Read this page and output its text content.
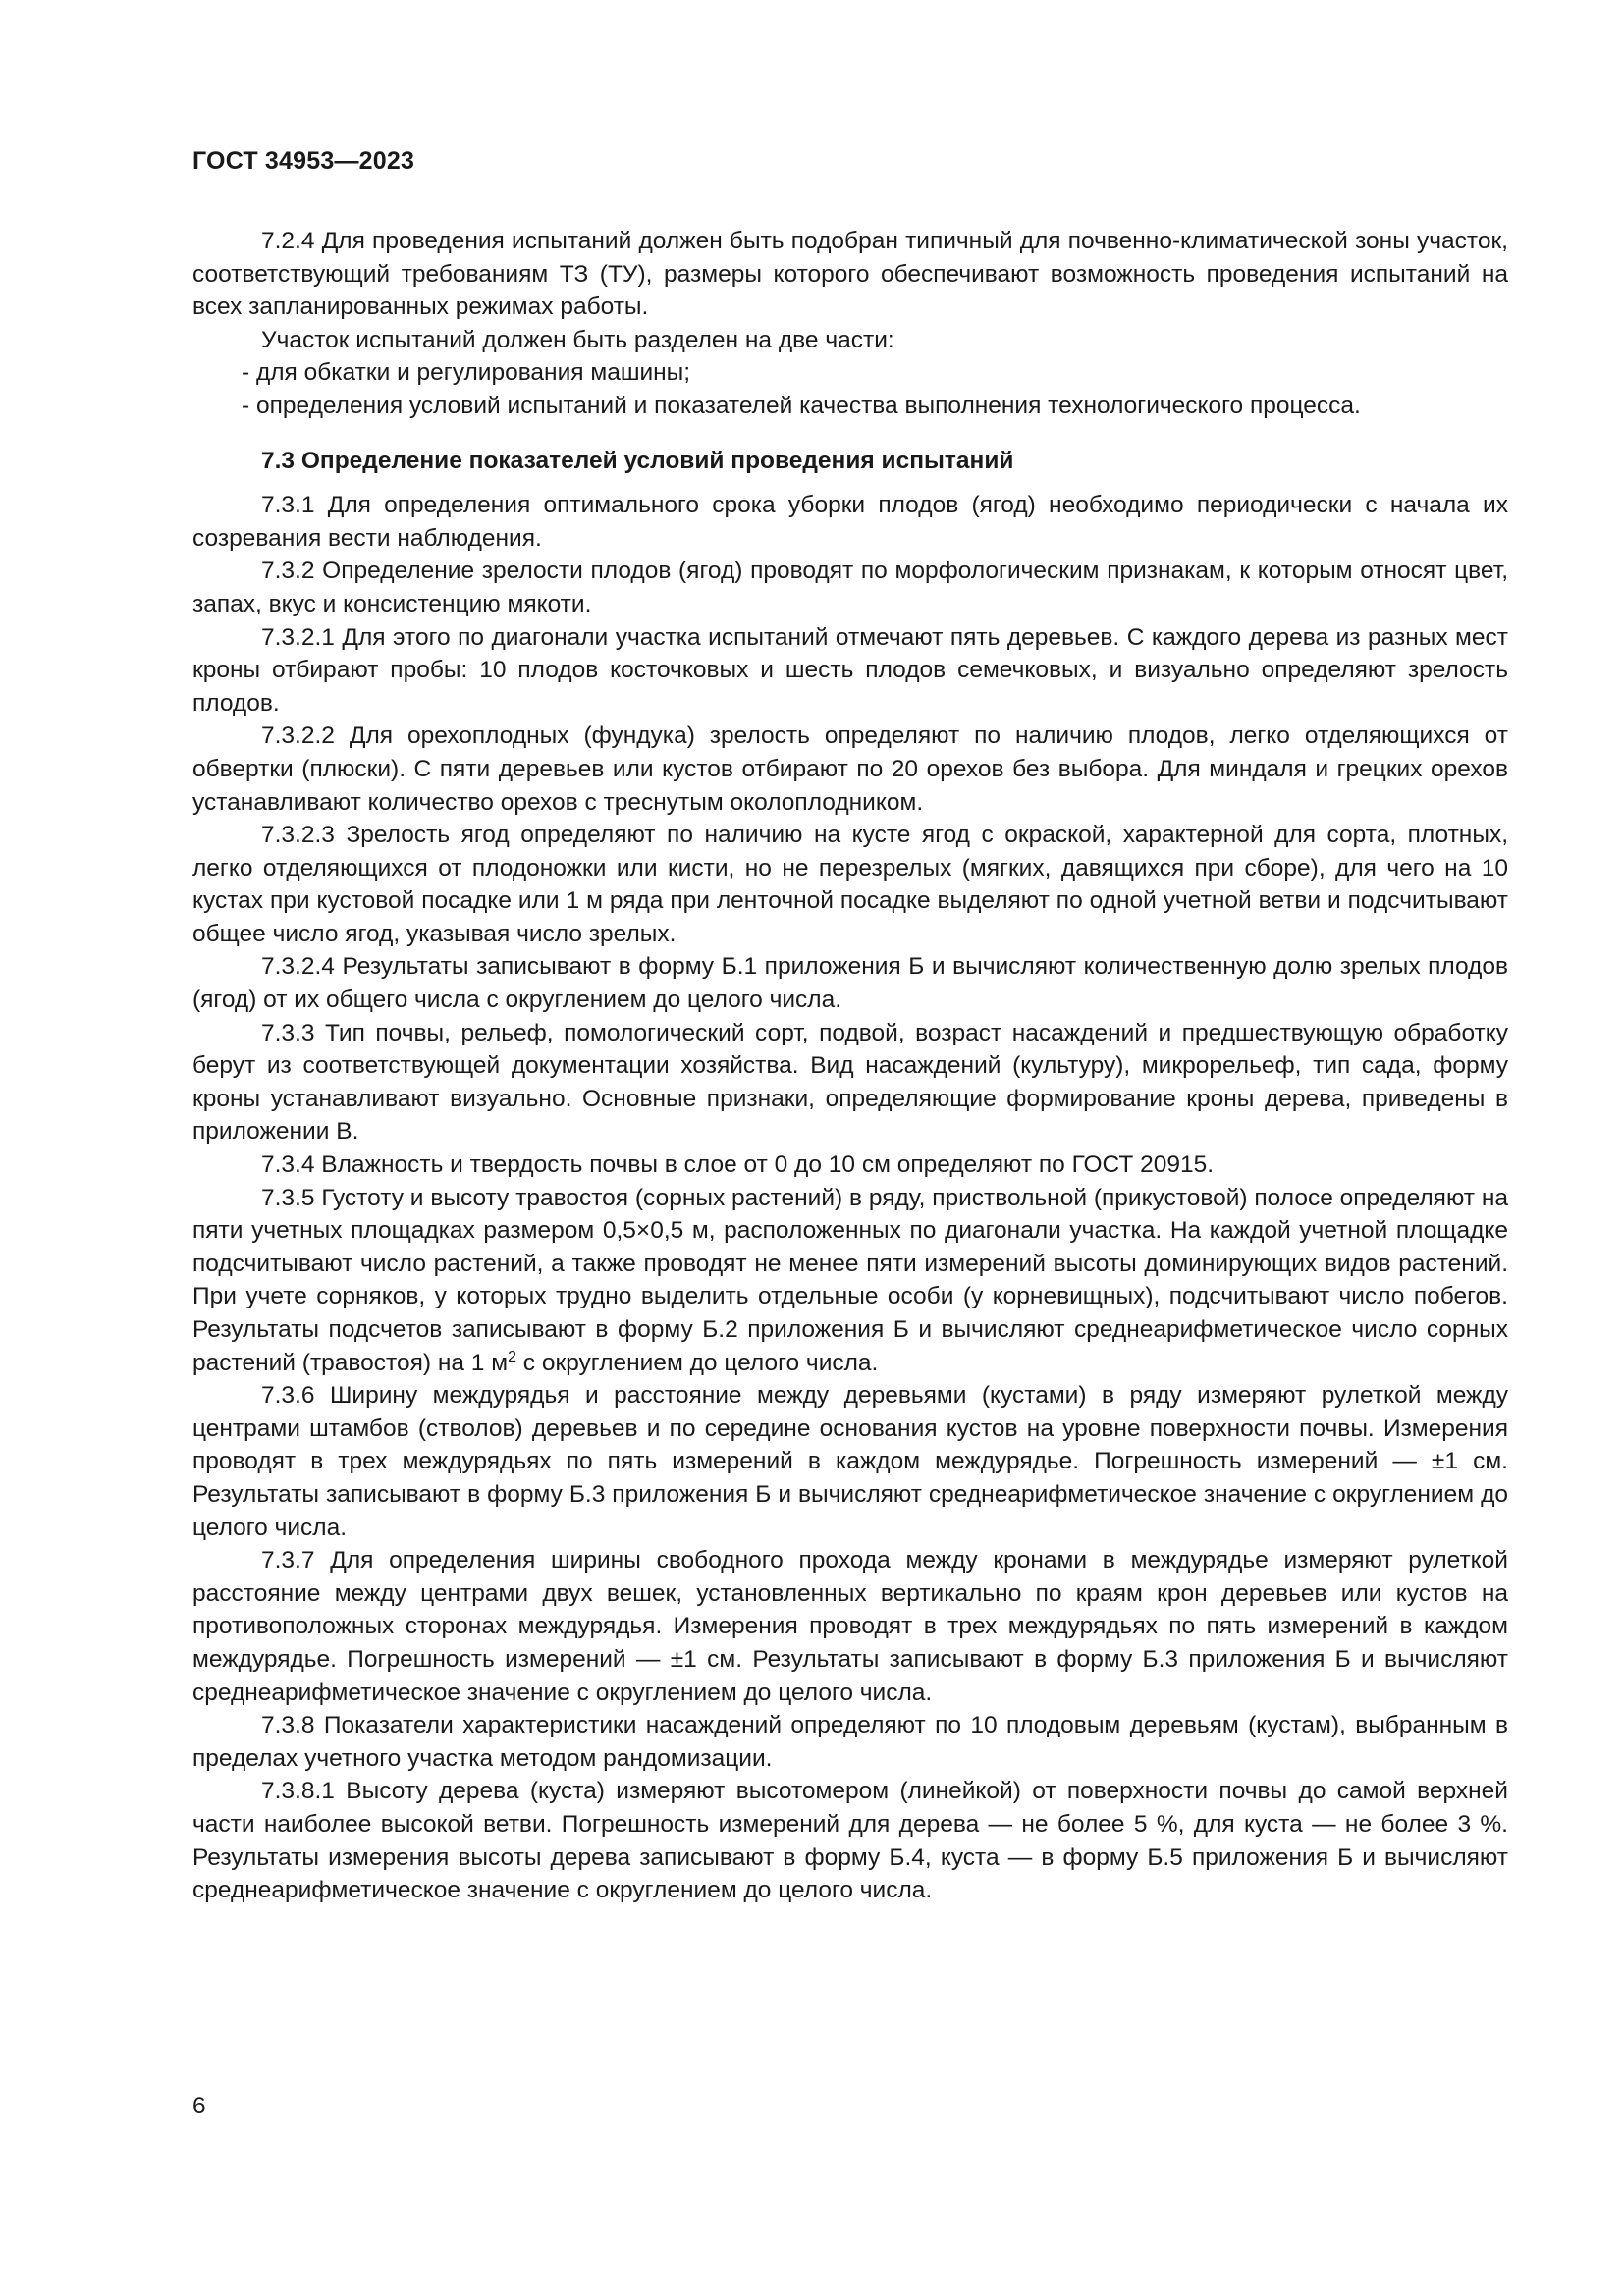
ГОСТ 34953—2023

7.2.4 Для проведения испытаний должен быть подобран типичный для почвенно-климатической зоны участок, соответствующий требованиям ТЗ (ТУ), размеры которого обеспечивают возможность проведения испытаний на всех запланированных режимах работы.

Участок испытаний должен быть разделен на две части:

- для обкатки и регулирования машины;

- определения условий испытаний и показателей качества выполнения технологического процесса.

7.3 Определение показателей условий проведения испытаний

7.3.1 Для определения оптимального срока уборки плодов (ягод) необходимо периодически с начала их созревания вести наблюдения.

7.3.2 Определение зрелости плодов (ягод) проводят по морфологическим признакам, к которым относят цвет, запах, вкус и консистенцию мякоти.

7.3.2.1 Для этого по диагонали участка испытаний отмечают пять деревьев. С каждого дерева из разных мест кроны отбирают пробы: 10 плодов косточковых и шесть плодов семечковых, и визуально определяют зрелость плодов.

7.3.2.2 Для орехоплодных (фундука) зрелость определяют по наличию плодов, легко отделяющихся от обвертки (плюски). С пяти деревьев или кустов отбирают по 20 орехов без выбора. Для миндаля и грецких орехов устанавливают количество орехов с треснутым околоплодником.

7.3.2.3 Зрелость ягод определяют по наличию на кусте ягод с окраской, характерной для сорта, плотных, легко отделяющихся от плодоножки или кисти, но не перезрелых (мягких, давящихся при сборе), для чего на 10 кустах при кустовой посадке или 1 м ряда при ленточной посадке выделяют по одной учетной ветви и подсчитывают общее число ягод, указывая число зрелых.

7.3.2.4 Результаты записывают в форму Б.1 приложения Б и вычисляют количественную долю зрелых плодов (ягод) от их общего числа с округлением до целого числа.

7.3.3 Тип почвы, рельеф, помологический сорт, подвой, возраст насаждений и предшествующую обработку берут из соответствующей документации хозяйства. Вид насаждений (культуру), микрорельеф, тип сада, форму кроны устанавливают визуально. Основные признаки, определяющие формирование кроны дерева, приведены в приложении В.

7.3.4 Влажность и твердость почвы в слое от 0 до 10 см определяют по ГОСТ 20915.

7.3.5 Густоту и высоту травостоя (сорных растений) в ряду, приствольной (прикустовой) полосе определяют на пяти учетных площадках размером 0,5×0,5 м, расположенных по диагонали участка. На каждой учетной площадке подсчитывают число растений, а также проводят не менее пяти измерений высоты доминирующих видов растений. При учете сорняков, у которых трудно выделить отдельные особи (у корневищных), подсчитывают число побегов. Результаты подсчетов записывают в форму Б.2 приложения Б и вычисляют среднеарифметическое число сорных растений (травостоя) на 1 $м^2$ с округлением до целого числа.

7.3.6 Ширину междурядья и расстояние между деревьями (кустами) в ряду измеряют рулеткой между центрами штамбов (стволов) деревьев и по середине основания кустов на уровне поверхности почвы. Измерения проводят в трех междурядьях по пять измерений в каждом междурядье. Погрешность измерений — ±1 см. Результаты записывают в форму Б.3 приложения Б и вычисляют среднеарифметическое значение с округлением до целого числа.

7.3.7 Для определения ширины свободного прохода между кронами в междурядье измеряют рулеткой расстояние между центрами двух вешек, установленных вертикально по краям крон деревьев или кустов на противоположных сторонах междурядья. Измерения проводят в трех междурядьях по пять измерений в каждом междурядье. Погрешность измерений — ±1 см. Результаты записывают в форму Б.3 приложения Б и вычисляют среднеарифметическое значение с округлением до целого числа.

7.3.8 Показатели характеристики насаждений определяют по 10 плодовым деревьям (кустам), выбранным в пределах учетного участка методом рандомизации.

7.3.8.1 Высоту дерева (куста) измеряют высотомером (линейкой) от поверхности почвы до самой верхней части наиболее высокой ветви. Погрешность измерений для дерева — не более 5 %, для куста — не более 3 %. Результаты измерения высоты дерева записывают в форму Б.4, куста — в форму Б.5 приложения Б и вычисляют среднеарифметическое значение с округлением до целого числа.

6
